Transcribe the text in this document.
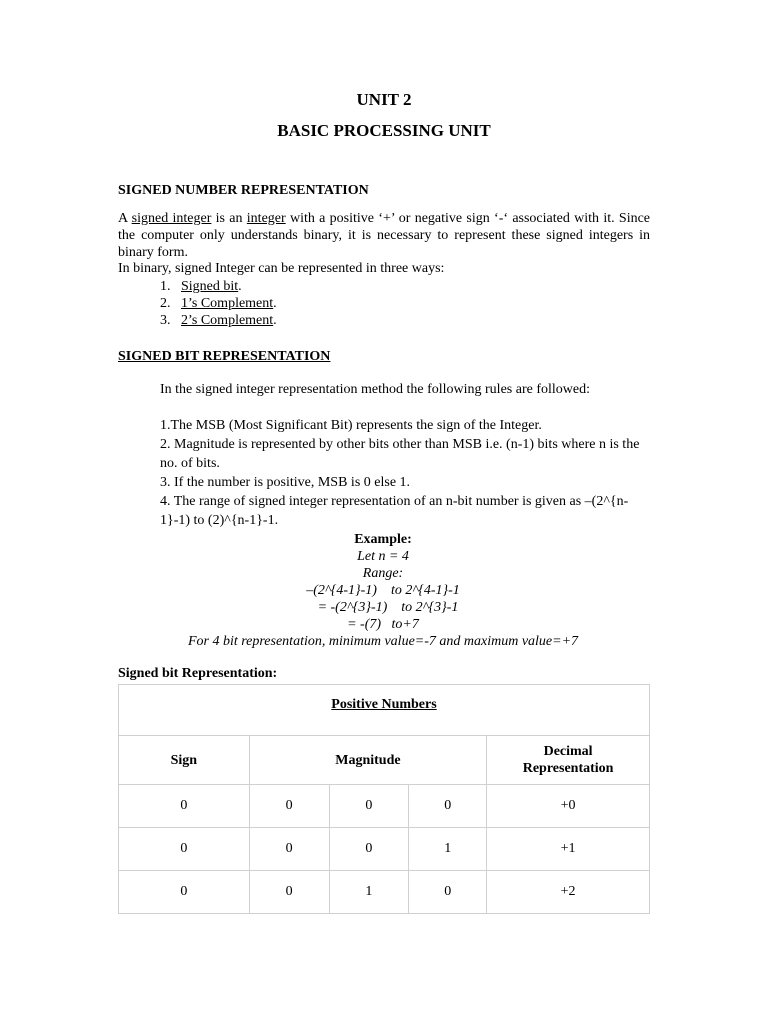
UNIT 2
BASIC PROCESSING UNIT
SIGNED NUMBER REPRESENTATION
A signed integer is an integer with a positive ‘+’ or negative sign ‘-‘ associated with it. Since the computer only understands binary, it is necessary to represent these signed integers in binary form.
In binary, signed Integer can be represented in three ways:
1. Signed bit.
2. 1’s Complement.
3. 2’s Complement.
SIGNED BIT REPRESENTATION
In the signed integer representation method the following rules are followed:
1.The MSB (Most Significant Bit) represents the sign of the Integer.
2. Magnitude is represented by other bits other than MSB i.e. (n-1) bits where n is the no. of bits.
3. If the number is positive, MSB is 0 else 1.
4. The range of signed integer representation of an n-bit number is given as –(2^{n-1}-1) to (2)^{n-1}-1.
Example:
Let n = 4
Range:
–(2^{4-1}-1)    to 2^{4-1}-1
= -(2^{3}-1)    to 2^{3}-1
= -(7)   to+7
For 4 bit representation, minimum value=-7 and maximum value=+7
Signed bit Representation:
Positive Numbers				

Sign	Magnitude			Decimal
Representation
0	0	0	0	+0
0	0	0	1	+1
0	0	1	0	+2
